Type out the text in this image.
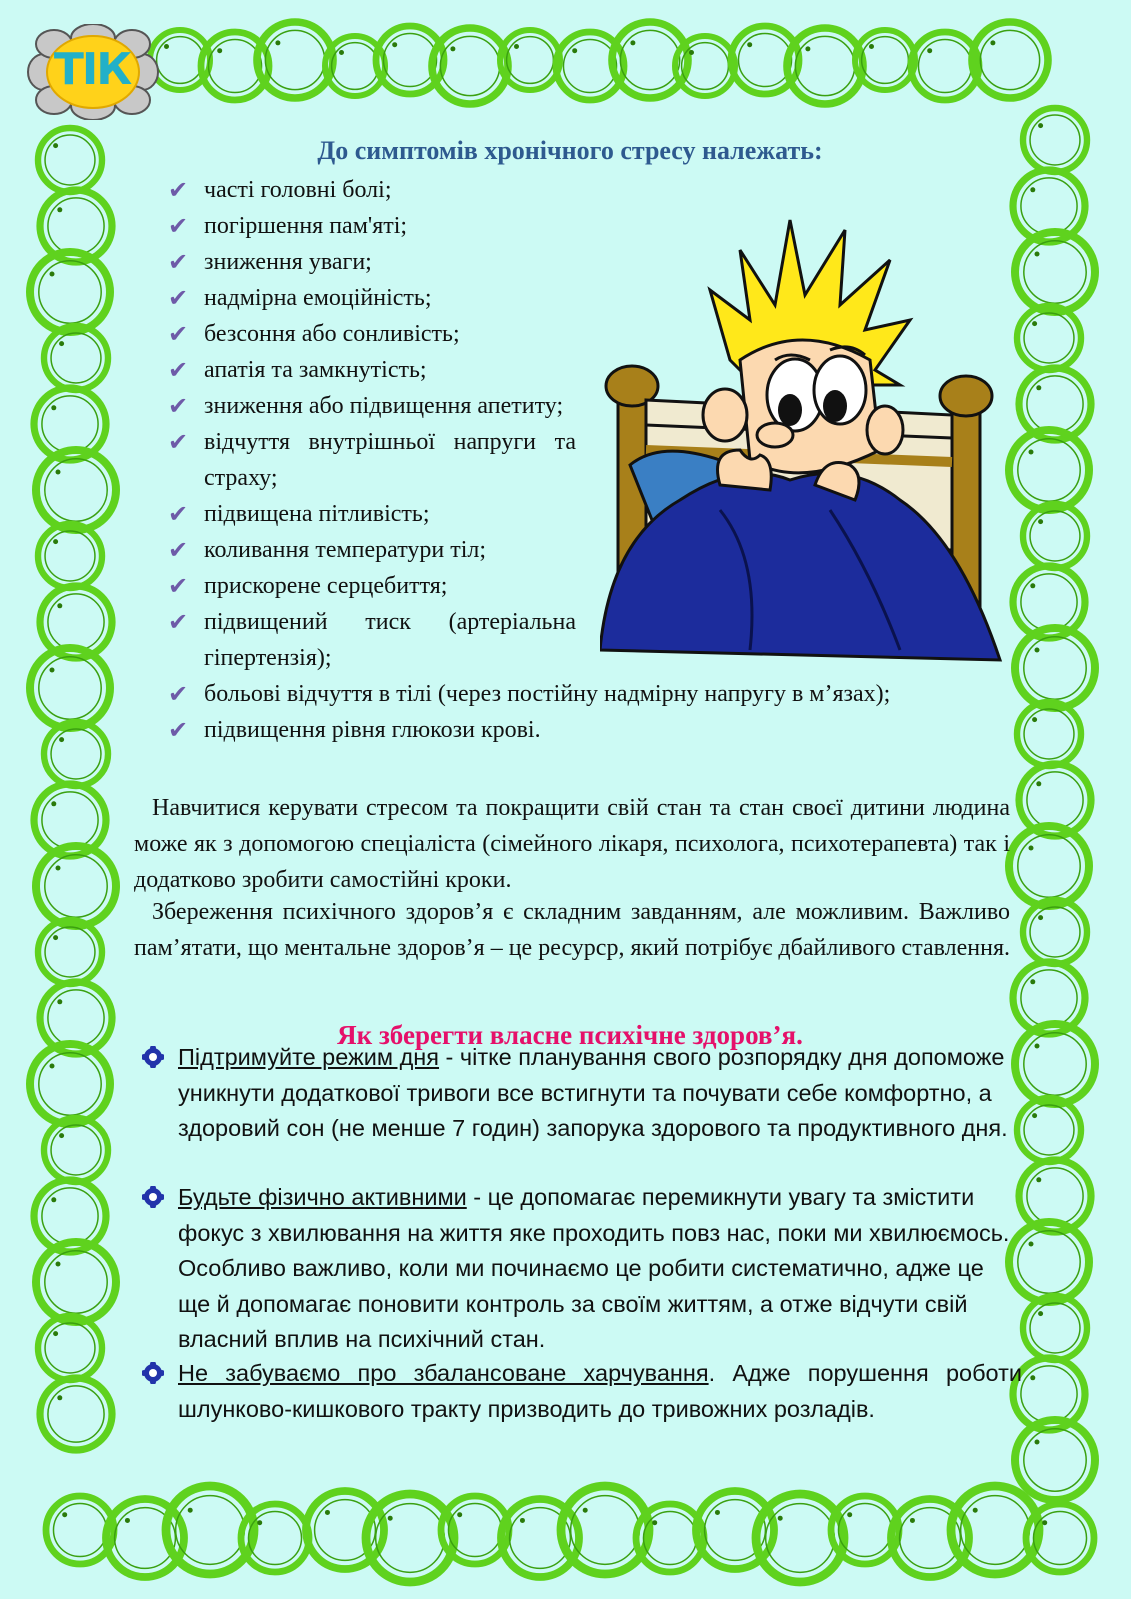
ТІК
До симптомів хронічного стресу належать:
✔ часті головні болі;
✔ погіршення пам'яті;
✔ зниження уваги;
✔ надмірна емоційність;
✔ безсоння або сонливість;
✔ апатія та замкнутість;
✔ зниження або підвищення апетиту;
✔ відчуття внутрішньої напруги та страху;
✔ підвищена пітливість;
✔ коливання температури тіл;
✔ прискорене серцебиття;
✔ підвищений тиск (артеріальна гіпертензія);
✔ больові відчуття в тілі (через постійну надмірну напругу в м’язах);
✔ підвищення рівня глюкози крові.

Навчитися керувати стресом та покращити свій стан та стан своєї дитини людина може як з допомогою спеціаліста (сімейного лікаря, психолога, психотерапевта) так і додатково зробити самостійні кроки.

Збереження психічного здоров’я є складним завданням, але можливим. Важливо пам’ятати, що ментальне здоров’я – це ресурср, який потрібує дбайливого ставлення.

Як зберегти власне психічне здоров’я.
Підтримуйте режим дня - чітке планування свого розпорядку дня допоможе уникнути додаткової тривоги все встигнути та почувати себе комфортно, а здоровий сон (не менше 7 годин) запорука здорового та продуктивного дня.
Будьте фізично активними - це допомагає перемикнути увагу та змістити фокус з хвилювання на життя яке проходить повз нас, поки ми хвилюємось. Особливо важливо, коли ми починаємо це робити систематично, адже це ще й допомагає поновити контроль за своїм життям, а отже відчути свій власний вплив на психічний стан.
Не забуваємо про збалансоване харчування. Адже порушення роботи шлунково-кишкового тракту призводить до тривожних розладів.
